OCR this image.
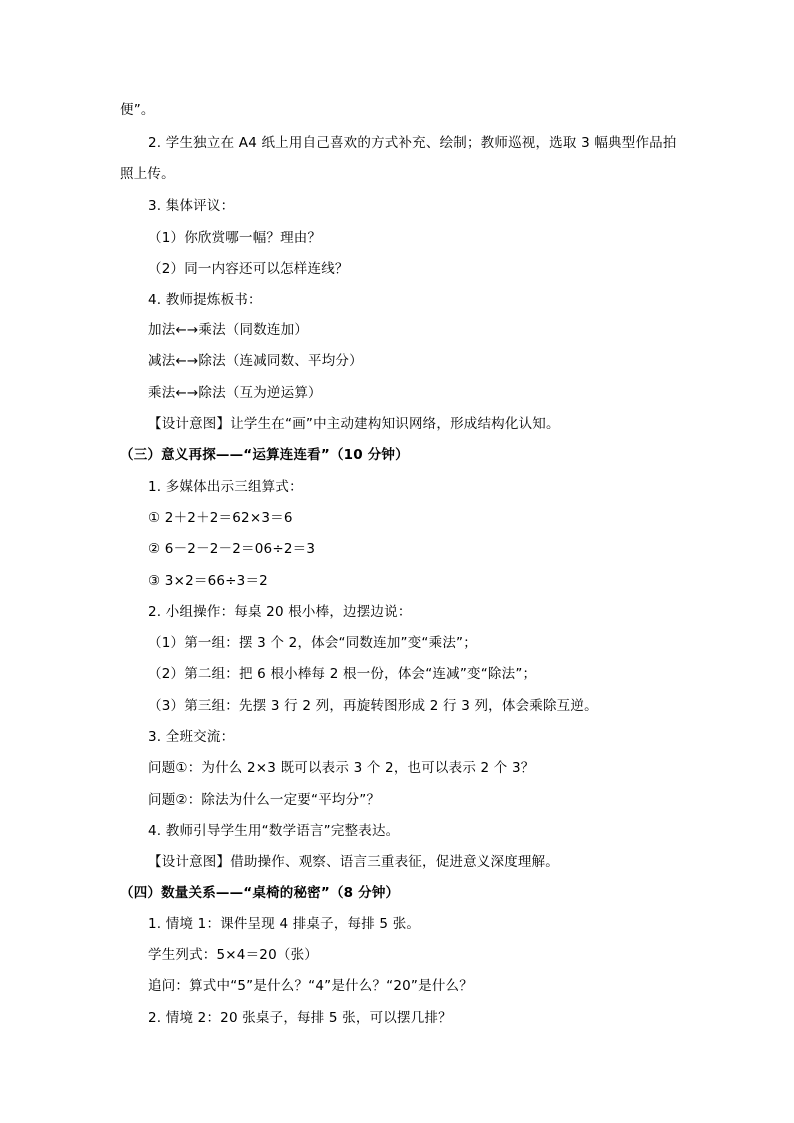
便”。
2. 学生独立在 A4 纸上用自己喜欢的方式补充、绘制；教师巡视，选取 3 幅典型作品拍
照上传。
3. 集体评议：
（1）你欣赏哪一幅？理由？
（2）同一内容还可以怎样连线？
4. 教师提炼板书：
加法←→乘法（同数连加）
减法←→除法（连减同数、平均分）
乘法←→除法（互为逆运算）
【设计意图】让学生在“画”中主动建构知识网络，形成结构化认知。
（三）意义再探——“运算连连看”（10 分钟）
1. 多媒体出示三组算式：
① 2＋2＋2＝62×3＝6
② 6－2－2－2＝06÷2＝3
③ 3×2＝66÷3＝2
2. 小组操作：每桌 20 根小棒，边摆边说：
（1）第一组：摆 3 个 2，体会“同数连加”变“乘法”；
（2）第二组：把 6 根小棒每 2 根一份，体会“连减”变“除法”；
（3）第三组：先摆 3 行 2 列，再旋转图形成 2 行 3 列，体会乘除互逆。
3. 全班交流：
问题①：为什么 2×3 既可以表示 3 个 2，也可以表示 2 个 3？
问题②：除法为什么一定要“平均分”？
4. 教师引导学生用“数学语言”完整表达。
【设计意图】借助操作、观察、语言三重表征，促进意义深度理解。
（四）数量关系——“桌椅的秘密”（8 分钟）
1. 情境 1：课件呈现 4 排桌子，每排 5 张。
学生列式：5×4＝20（张）
追问：算式中“5”是什么？“4”是什么？“20”是什么？
2. 情境 2：20 张桌子，每排 5 张，可以摆几排？
